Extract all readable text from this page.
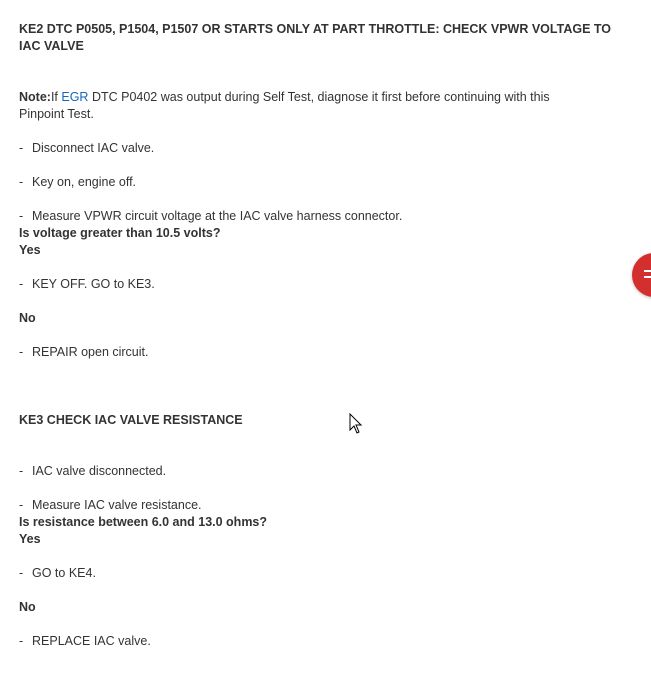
KE2 DTC P0505, P1504, P1507 OR STARTS ONLY AT PART THROTTLE: CHECK VPWR VOLTAGE TO IAC VALVE
Note:If EGR DTC P0402 was output during Self Test, diagnose it first before continuing with this
Pinpoint Test.
- Disconnect IAC valve.
- Key on, engine off.
- Measure VPWR circuit voltage at the IAC valve harness connector.
Is voltage greater than 10.5 volts?
Yes
- KEY OFF. GO to KE3.
No
- REPAIR open circuit.
KE3 CHECK IAC VALVE RESISTANCE
- IAC valve disconnected.
- Measure IAC valve resistance.
Is resistance between 6.0 and 13.0 ohms?
Yes
- GO to KE4.
No
- REPLACE IAC valve.
